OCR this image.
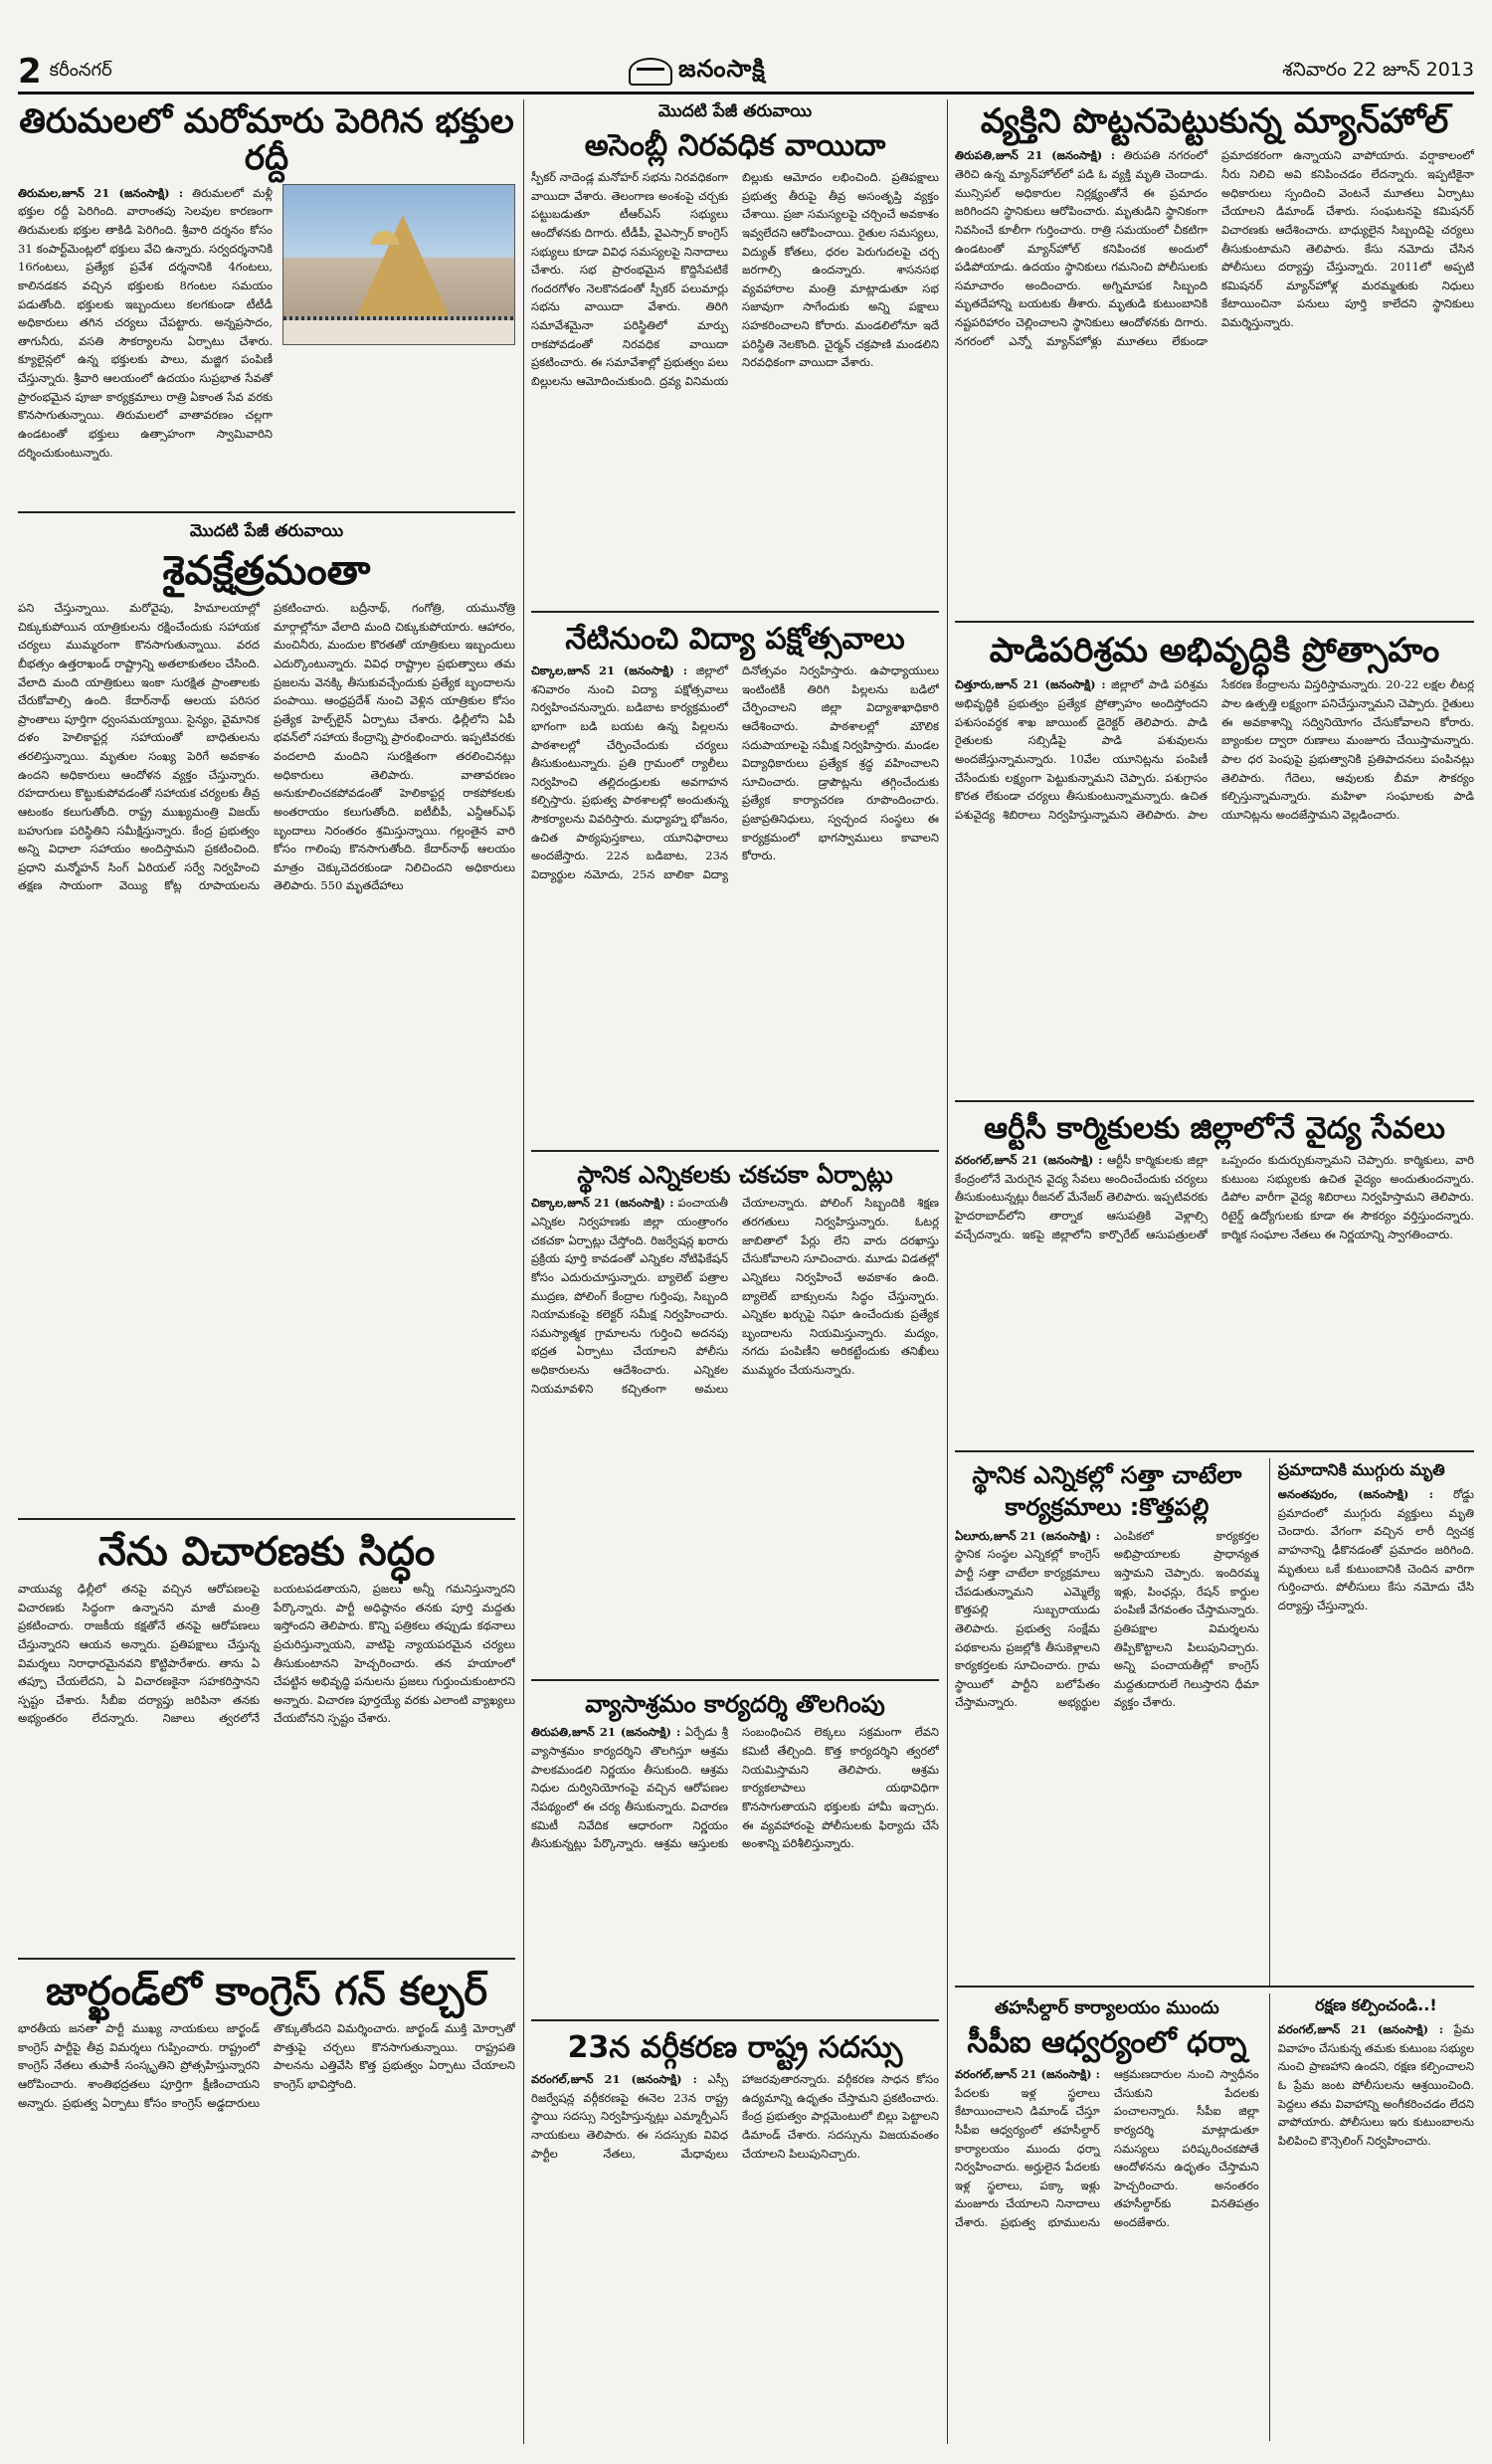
2 కరీంనగర్	జనంసాక్షి	శనివారం 22 జూన్ 2013
తిరుమలలో మరోమారు పెరిగిన భక్తుల రద్దీ
తిరుమల,జూన్ 21 (జనంసాక్షి) : తిరుమలలో మళ్లీ భక్తుల రద్దీ పెరిగింది. వారాంతపు సెలవుల కారణంగా తిరుమలకు భక్తుల తాకిడి పెరిగింది. శ్రీవారి దర్శనం కోసం 31 కంపార్ట్‌మెంట్లలో భక్తులు వేచి ఉన్నారు. సర్వదర్శనానికి 16గంటలు, ప్రత్యేక ప్రవేశ దర్శనానికి 4గంటలు, కాలినడకన వచ్చిన భక్తులకు 8గంటల సమయం పడుతోంది. భక్తులకు ఇబ్బందులు కలగకుండా టీటీడీ అధికారులు తగిన చర్యలు చేపట్టారు. అన్నప్రసాదం, తాగునీరు, వసతి సౌకర్యాలను ఏర్పాటు చేశారు. క్యూలైన్లలో ఉన్న భక్తులకు పాలు, మజ్జిగ పంపిణీ చేస్తున్నారు. శ్రీవారి ఆలయంలో ఉదయం సుప్రభాత సేవతో ప్రారంభమైన పూజా కార్యక్రమాలు రాత్రి ఏకాంత సేవ వరకు కొనసాగుతున్నాయి. తిరుమలలో వాతావరణం చల్లగా ఉండటంతో భక్తులు ఉత్సాహంగా స్వామివారిని దర్శించుకుంటున్నారు.
మొదటి పేజీ తరువాయి
శైవక్షేత్రమంతా
పని చేస్తున్నాయి. మరోవైపు, హిమాలయాల్లో చిక్కుకుపోయిన యాత్రికులను రక్షించేందుకు సహాయక చర్యలు ముమ్మరంగా కొనసాగుతున్నాయి. వరద బీభత్సం ఉత్తరాఖండ్‌ రాష్ట్రాన్ని అతలాకుతలం చేసింది. వేలాది మంది యాత్రికులు ఇంకా సురక్షిత ప్రాంతాలకు చేరుకోవాల్సి ఉంది. కేదార్‌నాథ్‌ ఆలయ పరిసర ప్రాంతాలు పూర్తిగా ధ్వంసమయ్యాయి. సైన్యం, వైమానిక దళం హెలికాప్టర్ల సహాయంతో బాధితులను తరలిస్తున్నాయి. మృతుల సంఖ్య పెరిగే అవకాశం ఉందని అధికారులు ఆందోళన వ్యక్తం చేస్తున్నారు. రహదారులు కొట్టుకుపోవడంతో సహాయక చర్యలకు తీవ్ర ఆటంకం కలుగుతోంది. రాష్ట్ర ముఖ్యమంత్రి విజయ్‌ బహుగుణ పరిస్థితిని సమీక్షిస్తున్నారు. కేంద్ర ప్రభుత్వం అన్ని విధాలా సహాయం అందిస్తామని ప్రకటించింది. ప్రధాని మన్మోహన్‌ సింగ్‌ ఏరియల్‌ సర్వే నిర్వహించి తక్షణ సాయంగా వెయ్యి కోట్ల రూపాయలను ప్రకటించారు. బద్రీనాథ్‌, గంగోత్రి, యమునోత్రి మార్గాల్లోనూ వేలాది మంది చిక్కుకుపోయారు. ఆహారం, మంచినీరు, మందుల కొరతతో యాత్రికులు ఇబ్బందులు ఎదుర్కొంటున్నారు. వివిధ రాష్ట్రాల ప్రభుత్వాలు తమ ప్రజలను వెనక్కి తీసుకువచ్చేందుకు ప్రత్యేక బృందాలను పంపాయి. ఆంధ్రప్రదేశ్‌ నుంచి వెళ్లిన యాత్రికుల కోసం ప్రత్యేక హెల్ప్‌లైన్‌ ఏర్పాటు చేశారు. ఢిల్లీలోని ఏపీ భవన్‌లో సహాయ కేంద్రాన్ని ప్రారంభించారు. ఇప్పటివరకు వందలాది మందిని సురక్షితంగా తరలించినట్లు అధికారులు తెలిపారు. వాతావరణం అనుకూలించకపోవడంతో హెలికాప్టర్ల రాకపోకలకు అంతరాయం కలుగుతోంది. ఐటీబీపీ, ఎన్డీఆర్‌ఎఫ్‌ బృందాలు నిరంతరం శ్రమిస్తున్నాయి. గల్లంతైన వారి కోసం గాలింపు కొనసాగుతోంది. కేదార్‌నాథ్‌ ఆలయం మాత్రం చెక్కుచెదరకుండా నిలిచిందని అధికారులు తెలిపారు. 550 మృతదేహాలు
నేను విచారణకు సిద్ధం
వాయువ్య ఢిల్లీలో తనపై వచ్చిన ఆరోపణలపై విచారణకు సిద్ధంగా ఉన్నానని మాజీ మంత్రి ప్రకటించారు. రాజకీయ కక్షతోనే తనపై ఆరోపణలు చేస్తున్నారని ఆయన అన్నారు. ప్రతిపక్షాలు చేస్తున్న విమర్శలు నిరాధారమైనవని కొట్టిపారేశారు. తాను ఏ తప్పూ చేయలేదని, ఏ విచారణకైనా సహకరిస్తానని స్పష్టం చేశారు. సీబీఐ దర్యాప్తు జరిపినా తనకు అభ్యంతరం లేదన్నారు. నిజాలు త్వరలోనే బయటపడతాయని, ప్రజలు అన్నీ గమనిస్తున్నారని పేర్కొన్నారు. పార్టీ అధిష్ఠానం తనకు పూర్తి మద్దతు ఇస్తోందని తెలిపారు. కొన్ని పత్రికలు తప్పుడు కథనాలు ప్రచురిస్తున్నాయని, వాటిపై న్యాయపరమైన చర్యలు తీసుకుంటానని హెచ్చరించారు. తన హయాంలో చేపట్టిన అభివృద్ధి పనులను ప్రజలు గుర్తుంచుకుంటారని అన్నారు. విచారణ పూర్తయ్యే వరకు ఎలాంటి వ్యాఖ్యలు చేయబోనని స్పష్టం చేశారు.
జార్ఖండ్‌లో కాంగ్రెస్‌ గన్‌ కల్చర్‌
భారతీయ జనతా పార్టీ ముఖ్య నాయకులు జార్ఖండ్‌ కాంగ్రెస్‌ పార్టీపై తీవ్ర విమర్శలు గుప్పించారు. రాష్ట్రంలో కాంగ్రెస్‌ నేతలు తుపాకీ సంస్కృతిని ప్రోత్సహిస్తున్నారని ఆరోపించారు. శాంతిభద్రతలు పూర్తిగా క్షీణించాయని అన్నారు. ప్రభుత్వ ఏర్పాటు కోసం కాంగ్రెస్‌ అడ్డదారులు తొక్కుతోందని విమర్శించారు. జార్ఖండ్‌ ముక్తి మోర్చాతో పొత్తుపై చర్చలు కొనసాగుతున్నాయి. రాష్ట్రపతి పాలనను ఎత్తివేసి కొత్త ప్రభుత్వం ఏర్పాటు చేయాలని కాంగ్రెస్‌ భావిస్తోంది.
మొదటి పేజీ తరువాయి
అసెంబ్లీ నిరవధిక వాయిదా
స్పీకర్‌ నాదెండ్ల మనోహర్‌ సభను నిరవధికంగా వాయిదా వేశారు. తెలంగాణ అంశంపై చర్చకు పట్టుబడుతూ టీఆర్‌ఎస్‌ సభ్యులు ఆందోళనకు దిగారు. టీడీపీ, వైఎస్సార్‌ కాంగ్రెస్‌ సభ్యులు కూడా వివిధ సమస్యలపై నినాదాలు చేశారు. సభ ప్రారంభమైన కొద్దిసేపటికే గందరగోళం నెలకొనడంతో స్పీకర్‌ పలుమార్లు సభను వాయిదా వేశారు. తిరిగి సమావేశమైనా పరిస్థితిలో మార్పు రాకపోవడంతో నిరవధిక వాయిదా ప్రకటించారు. ఈ సమావేశాల్లో ప్రభుత్వం పలు బిల్లులను ఆమోదించుకుంది. ద్రవ్య వినిమయ బిల్లుకు ఆమోదం లభించింది. ప్రతిపక్షాలు ప్రభుత్వ తీరుపై తీవ్ర అసంతృప్తి వ్యక్తం చేశాయి. ప్రజా సమస్యలపై చర్చించే అవకాశం ఇవ్వలేదని ఆరోపించాయి. రైతుల సమస్యలు, విద్యుత్‌ కోతలు, ధరల పెరుగుదలపై చర్చ జరగాల్సి ఉందన్నారు. శాసనసభ వ్యవహారాల మంత్రి మాట్లాడుతూ సభ సజావుగా సాగేందుకు అన్ని పక్షాలు సహకరించాలని కోరారు. మండలిలోనూ ఇదే పరిస్థితి నెలకొంది. చైర్మన్‌ చక్రపాణి మండలిని నిరవధికంగా వాయిదా వేశారు.
నేటినుంచి విద్యా పక్షోత్సవాలు
చిక్కాల,జూన్ 21 (జనంసాక్షి) : జిల్లాలో శనివారం నుంచి విద్యా పక్షోత్సవాలు నిర్వహించనున్నారు. బడిబాట కార్యక్రమంలో భాగంగా బడి బయట ఉన్న పిల్లలను పాఠశాలల్లో చేర్పించేందుకు చర్యలు తీసుకుంటున్నారు. ప్రతి గ్రామంలో ర్యాలీలు నిర్వహించి తల్లిదండ్రులకు అవగాహన కల్పిస్తారు. ప్రభుత్వ పాఠశాలల్లో అందుతున్న సౌకర్యాలను వివరిస్తారు. మధ్యాహ్న భోజనం, ఉచిత పాఠ్యపుస్తకాలు, యూనిఫారాలు అందజేస్తారు. 22న బడిబాట, 23న విద్యార్థుల నమోదు, 25న బాలికా విద్యా దినోత్సవం నిర్వహిస్తారు. ఉపాధ్యాయులు ఇంటింటికీ తిరిగి పిల్లలను బడిలో చేర్పించాలని జిల్లా విద్యాశాఖాధికారి ఆదేశించారు. పాఠశాలల్లో మౌలిక సదుపాయాలపై సమీక్ష నిర్వహిస్తారు. మండల విద్యాధికారులు ప్రత్యేక శ్రద్ధ వహించాలని సూచించారు. డ్రాపౌట్లను తగ్గించేందుకు ప్రత్యేక కార్యాచరణ రూపొందించారు. ప్రజాప్రతినిధులు, స్వచ్ఛంద సంస్థలు ఈ కార్యక్రమంలో భాగస్వాములు కావాలని కోరారు.
స్థానిక ఎన్నికలకు చకచకా ఏర్పాట్లు
చిక్కాల,జూన్ 21 (జనంసాక్షి) : పంచాయతీ ఎన్నికల నిర్వహణకు జిల్లా యంత్రాంగం చకచకా ఏర్పాట్లు చేస్తోంది. రిజర్వేషన్ల ఖరారు ప్రక్రియ పూర్తి కావడంతో ఎన్నికల నోటిఫికేషన్‌ కోసం ఎదురుచూస్తున్నారు. బ్యాలెట్‌ పత్రాల ముద్రణ, పోలింగ్‌ కేంద్రాల గుర్తింపు, సిబ్బంది నియామకంపై కలెక్టర్‌ సమీక్ష నిర్వహించారు. సమస్యాత్మక గ్రామాలను గుర్తించి అదనపు భద్రత ఏర్పాటు చేయాలని పోలీసు అధికారులను ఆదేశించారు. ఎన్నికల నియమావళిని కచ్చితంగా అమలు చేయాలన్నారు. పోలింగ్‌ సిబ్బందికి శిక్షణ తరగతులు నిర్వహిస్తున్నారు. ఓటర్ల జాబితాలో పేర్లు లేని వారు దరఖాస్తు చేసుకోవాలని సూచించారు. మూడు విడతల్లో ఎన్నికలు నిర్వహించే అవకాశం ఉంది. బ్యాలెట్‌ బాక్సులను సిద్ధం చేస్తున్నారు. ఎన్నికల ఖర్చుపై నిఘా ఉంచేందుకు ప్రత్యేక బృందాలను నియమిస్తున్నారు. మద్యం, నగదు పంపిణీని అరికట్టేందుకు తనిఖీలు ముమ్మరం చేయనున్నారు.
వ్యాసాశ్రమం కార్యదర్శి తొలగింపు
తిరుపతి,జూన్ 21 (జనంసాక్షి) : ఏర్పేడు శ్రీ వ్యాసాశ్రమం కార్యదర్శిని తొలగిస్తూ ఆశ్రమ పాలకమండలి నిర్ణయం తీసుకుంది. ఆశ్రమ నిధుల దుర్వినియోగంపై వచ్చిన ఆరోపణల నేపథ్యంలో ఈ చర్య తీసుకున్నారు. విచారణ కమిటీ నివేదిక ఆధారంగా నిర్ణయం తీసుకున్నట్లు పేర్కొన్నారు. ఆశ్రమ ఆస్తులకు సంబంధించిన లెక్కలు సక్రమంగా లేవని కమిటీ తేల్చింది. కొత్త కార్యదర్శిని త్వరలో నియమిస్తామని తెలిపారు. ఆశ్రమ కార్యకలాపాలు యథావిధిగా కొనసాగుతాయని భక్తులకు హామీ ఇచ్చారు. ఈ వ్యవహారంపై పోలీసులకు ఫిర్యాదు చేసే అంశాన్ని పరిశీలిస్తున్నారు.
23న వర్గీకరణ రాష్ట్ర సదస్సు
వరంగల్,జూన్ 21 (జనంసాక్షి) : ఎస్సీ రిజర్వేషన్ల వర్గీకరణపై ఈనెల 23న రాష్ట్ర స్థాయి సదస్సు నిర్వహిస్తున్నట్లు ఎమ్మార్పీఎస్‌ నాయకులు తెలిపారు. ఈ సదస్సుకు వివిధ పార్టీల నేతలు, మేధావులు హాజరవుతారన్నారు. వర్గీకరణ సాధన కోసం ఉద్యమాన్ని ఉధృతం చేస్తామని ప్రకటించారు. కేంద్ర ప్రభుత్వం పార్లమెంటులో బిల్లు పెట్టాలని డిమాండ్‌ చేశారు. సదస్సును విజయవంతం చేయాలని పిలుపునిచ్చారు.
వ్యక్తిని పొట్టనపెట్టుకున్న మ్యాన్‌హోల్‌
తిరుపతి,జూన్ 21 (జనంసాక్షి) : తిరుపతి నగరంలో తెరిచి ఉన్న మ్యాన్‌హోల్‌లో పడి ఓ వ్యక్తి మృతి చెందాడు. మున్సిపల్‌ అధికారుల నిర్లక్ష్యంతోనే ఈ ప్రమాదం జరిగిందని స్థానికులు ఆరోపించారు. మృతుడిని స్థానికంగా నివసించే కూలీగా గుర్తించారు. రాత్రి సమయంలో చీకటిగా ఉండటంతో మ్యాన్‌హోల్‌ కనిపించక అందులో పడిపోయాడు. ఉదయం స్థానికులు గమనించి పోలీసులకు సమాచారం అందించారు. అగ్నిమాపక సిబ్బంది మృతదేహాన్ని బయటకు తీశారు. మృతుడి కుటుంబానికి నష్టపరిహారం చెల్లించాలని స్థానికులు ఆందోళనకు దిగారు. నగరంలో ఎన్నో మ్యాన్‌హోళ్లు మూతలు లేకుండా ప్రమాదకరంగా ఉన్నాయని వాపోయారు. వర్షాకాలంలో నీరు నిలిచి అవి కనిపించడం లేదన్నారు. ఇప్పటికైనా అధికారులు స్పందించి వెంటనే మూతలు ఏర్పాటు చేయాలని డిమాండ్‌ చేశారు. సంఘటనపై కమిషనర్‌ విచారణకు ఆదేశించారు. బాధ్యులైన సిబ్బందిపై చర్యలు తీసుకుంటామని తెలిపారు. కేసు నమోదు చేసిన పోలీసులు దర్యాప్తు చేస్తున్నారు. 2011లో అప్పటి కమిషనర్‌ మ్యాన్‌హోళ్ల మరమ్మతుకు నిధులు కేటాయించినా పనులు పూర్తి కాలేదని స్థానికులు విమర్శిస్తున్నారు.
పాడిపరిశ్రమ అభివృద్ధికి ప్రోత్సాహం
చిత్తూరు,జూన్ 21 (జనంసాక్షి) : జిల్లాలో పాడి పరిశ్రమ అభివృద్ధికి ప్రభుత్వం ప్రత్యేక ప్రోత్సాహం అందిస్తోందని పశుసంవర్ధక శాఖ జాయింట్‌ డైరెక్టర్‌ తెలిపారు. పాడి రైతులకు సబ్సిడీపై పాడి పశువులను అందజేస్తున్నామన్నారు. 10వేల యూనిట్లను పంపిణీ చేసేందుకు లక్ష్యంగా పెట్టుకున్నామని చెప్పారు. పశుగ్రాసం కొరత లేకుండా చర్యలు తీసుకుంటున్నామన్నారు. ఉచిత పశువైద్య శిబిరాలు నిర్వహిస్తున్నామని తెలిపారు. పాల సేకరణ కేంద్రాలను విస్తరిస్తామన్నారు. 20-22 లక్షల లీటర్ల పాల ఉత్పత్తి లక్ష్యంగా పనిచేస్తున్నామని చెప్పారు. రైతులు ఈ అవకాశాన్ని సద్వినియోగం చేసుకోవాలని కోరారు. బ్యాంకుల ద్వారా రుణాలు మంజూరు చేయిస్తామన్నారు. పాల ధర పెంపుపై ప్రభుత్వానికి ప్రతిపాదనలు పంపినట్లు తెలిపారు. గేదెలు, ఆవులకు బీమా సౌకర్యం కల్పిస్తున్నామన్నారు. మహిళా సంఘాలకు పాడి యూనిట్లను అందజేస్తామని వెల్లడించారు.
ఆర్టీసీ కార్మికులకు జిల్లాలోనే వైద్య సేవలు
వరంగల్,జూన్ 21 (జనంసాక్షి) : ఆర్టీసీ కార్మికులకు జిల్లా కేంద్రంలోనే మెరుగైన వైద్య సేవలు అందించేందుకు చర్యలు తీసుకుంటున్నట్లు రీజనల్‌ మేనేజర్‌ తెలిపారు. ఇప్పటివరకు హైదరాబాద్‌లోని తార్నాక ఆసుపత్రికి వెళ్లాల్సి వచ్చేదన్నారు. ఇకపై జిల్లాలోని కార్పొరేట్‌ ఆసుపత్రులతో ఒప్పందం కుదుర్చుకున్నామని చెప్పారు. కార్మికులు, వారి కుటుంబ సభ్యులకు ఉచిత వైద్యం అందుతుందన్నారు. డిపోల వారీగా వైద్య శిబిరాలు నిర్వహిస్తామని తెలిపారు. రిటైర్డ్‌ ఉద్యోగులకు కూడా ఈ సౌకర్యం వర్తిస్తుందన్నారు. కార్మిక సంఘాల నేతలు ఈ నిర్ణయాన్ని స్వాగతించారు.
స్థానిక ఎన్నికల్లో సత్తా చాటేలా
కార్యక్రమాలు :కొత్తపల్లి
ఏలూరు,జూన్ 21 (జనంసాక్షి) : స్థానిక సంస్థల ఎన్నికల్లో కాంగ్రెస్‌ పార్టీ సత్తా చాటేలా కార్యక్రమాలు చేపడుతున్నామని ఎమ్మెల్యే కొత్తపల్లి సుబ్బరాయుడు తెలిపారు. ప్రభుత్వ సంక్షేమ పథకాలను ప్రజల్లోకి తీసుకెళ్లాలని కార్యకర్తలకు సూచించారు. గ్రామ స్థాయిలో పార్టీని బలోపేతం చేస్తామన్నారు. అభ్యర్థుల ఎంపికలో కార్యకర్తల అభిప్రాయాలకు ప్రాధాన్యత ఇస్తామని చెప్పారు. ఇందిరమ్మ ఇళ్లు, పింఛన్లు, రేషన్‌ కార్డుల పంపిణీ వేగవంతం చేస్తామన్నారు. ప్రతిపక్షాల విమర్శలను తిప్పికొట్టాలని పిలుపునిచ్చారు. అన్ని పంచాయతీల్లో కాంగ్రెస్‌ మద్దతుదారులే గెలుస్తారని ధీమా వ్యక్తం చేశారు.
ప్రమాదానికి ముగ్గురు మృతి
అనంతపురం, (జనంసాక్షి) : రోడ్డు ప్రమాదంలో ముగ్గురు వ్యక్తులు మృతి చెందారు. వేగంగా వచ్చిన లారీ ద్విచక్ర వాహనాన్ని ఢీకొనడంతో ప్రమాదం జరిగింది. మృతులు ఒకే కుటుంబానికి చెందిన వారిగా గుర్తించారు. పోలీసులు కేసు నమోదు చేసి దర్యాప్తు చేస్తున్నారు.
తహసీల్దార్‌ కార్యాలయం ముందు
సీపీఐ ఆధ్వర్యంలో ధర్నా
వరంగల్,జూన్ 21 (జనంసాక్షి) : పేదలకు ఇళ్ల స్థలాలు కేటాయించాలని డిమాండ్‌ చేస్తూ సీపీఐ ఆధ్వర్యంలో తహసీల్దార్‌ కార్యాలయం ముందు ధర్నా నిర్వహించారు. అర్హులైన పేదలకు ఇళ్ల స్థలాలు, పక్కా ఇళ్లు మంజూరు చేయాలని నినాదాలు చేశారు. ప్రభుత్వ భూములను ఆక్రమణదారుల నుంచి స్వాధీనం చేసుకుని పేదలకు పంచాలన్నారు. సీపీఐ జిల్లా కార్యదర్శి మాట్లాడుతూ సమస్యలు పరిష్కరించకపోతే ఆందోళనను ఉధృతం చేస్తామని హెచ్చరించారు. అనంతరం తహసీల్దార్‌కు వినతిపత్రం అందజేశారు.
రక్షణ కల్పించండి..!
వరంగల్,జూన్ 21 (జనంసాక్షి) : ప్రేమ వివాహం చేసుకున్న తమకు కుటుంబ సభ్యుల నుంచి ప్రాణహాని ఉందని, రక్షణ కల్పించాలని ఓ ప్రేమ జంట పోలీసులను ఆశ్రయించింది. పెద్దలు తమ వివాహాన్ని అంగీకరించడం లేదని వాపోయారు. పోలీసులు ఇరు కుటుంబాలను పిలిపించి కౌన్సెలింగ్‌ నిర్వహించారు.
